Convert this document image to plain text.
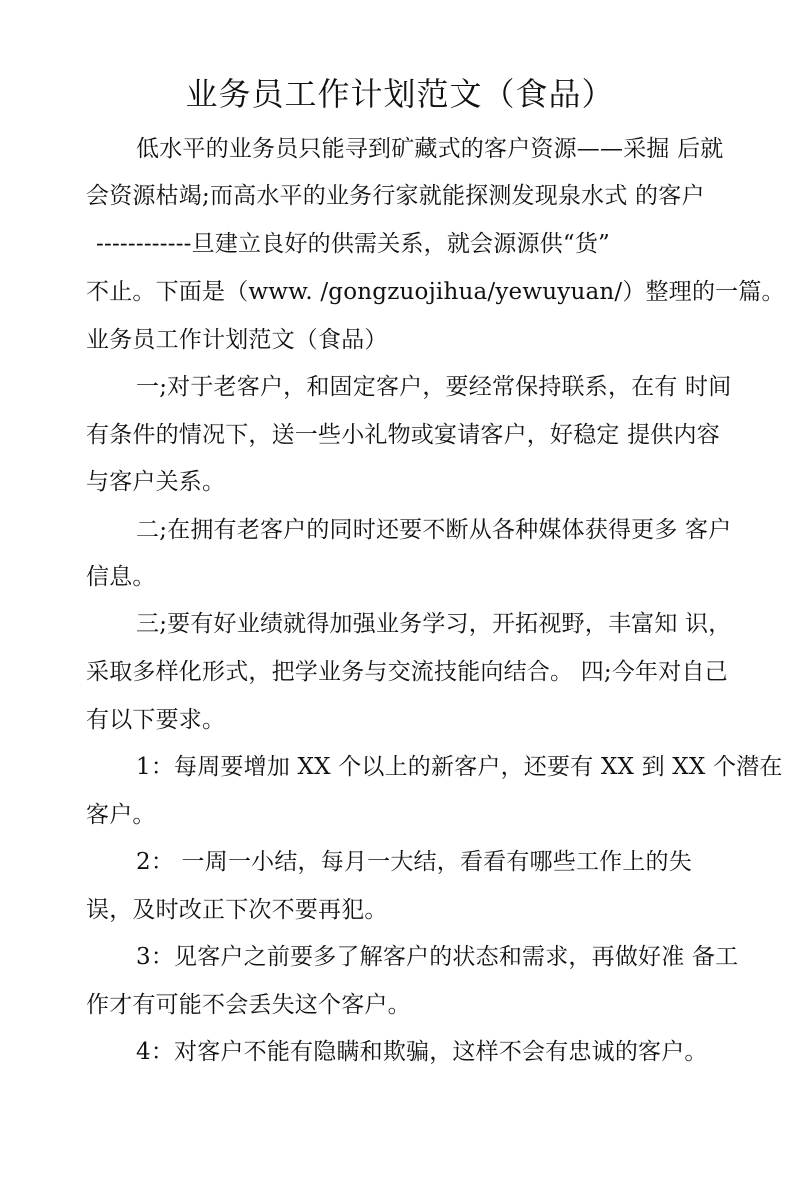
业务员工作计划范文（食品）
低水平的业务员只能寻到矿藏式的客户资源——采掘 后就
会资源枯竭;而高水平的业务行家就能探测发现泉水式 的客户
------------旦建立良好的供需关系，就会源源供“货”
不止。下面是（www. /gongzuojihua/yewuyuan/）整理的一篇。
业务员工作计划范文（食品）
一;对于老客户，和固定客户，要经常保持联系，在有 时间
有条件的情况下，送一些小礼物或宴请客户，好稳定 提供内容
与客户关系。
二;在拥有老客户的同时还要不断从各种媒体获得更多 客户
信息。
三;要有好业绩就得加强业务学习，开拓视野，丰富知 识，
采取多样化形式，把学业务与交流技能向结合。 四;今年对自己
有以下要求。
1：每周要增加 XX 个以上的新客户，还要有 XX 到 XX 个潜在
客户。
2： 一周一小结，每月一大结，看看有哪些工作上的失
误，及时改正下次不要再犯。
3：见客户之前要多了解客户的状态和需求，再做好准 备工
作才有可能不会丢失这个客户。
4：对客户不能有隐瞒和欺骗，这样不会有忠诚的客户。
